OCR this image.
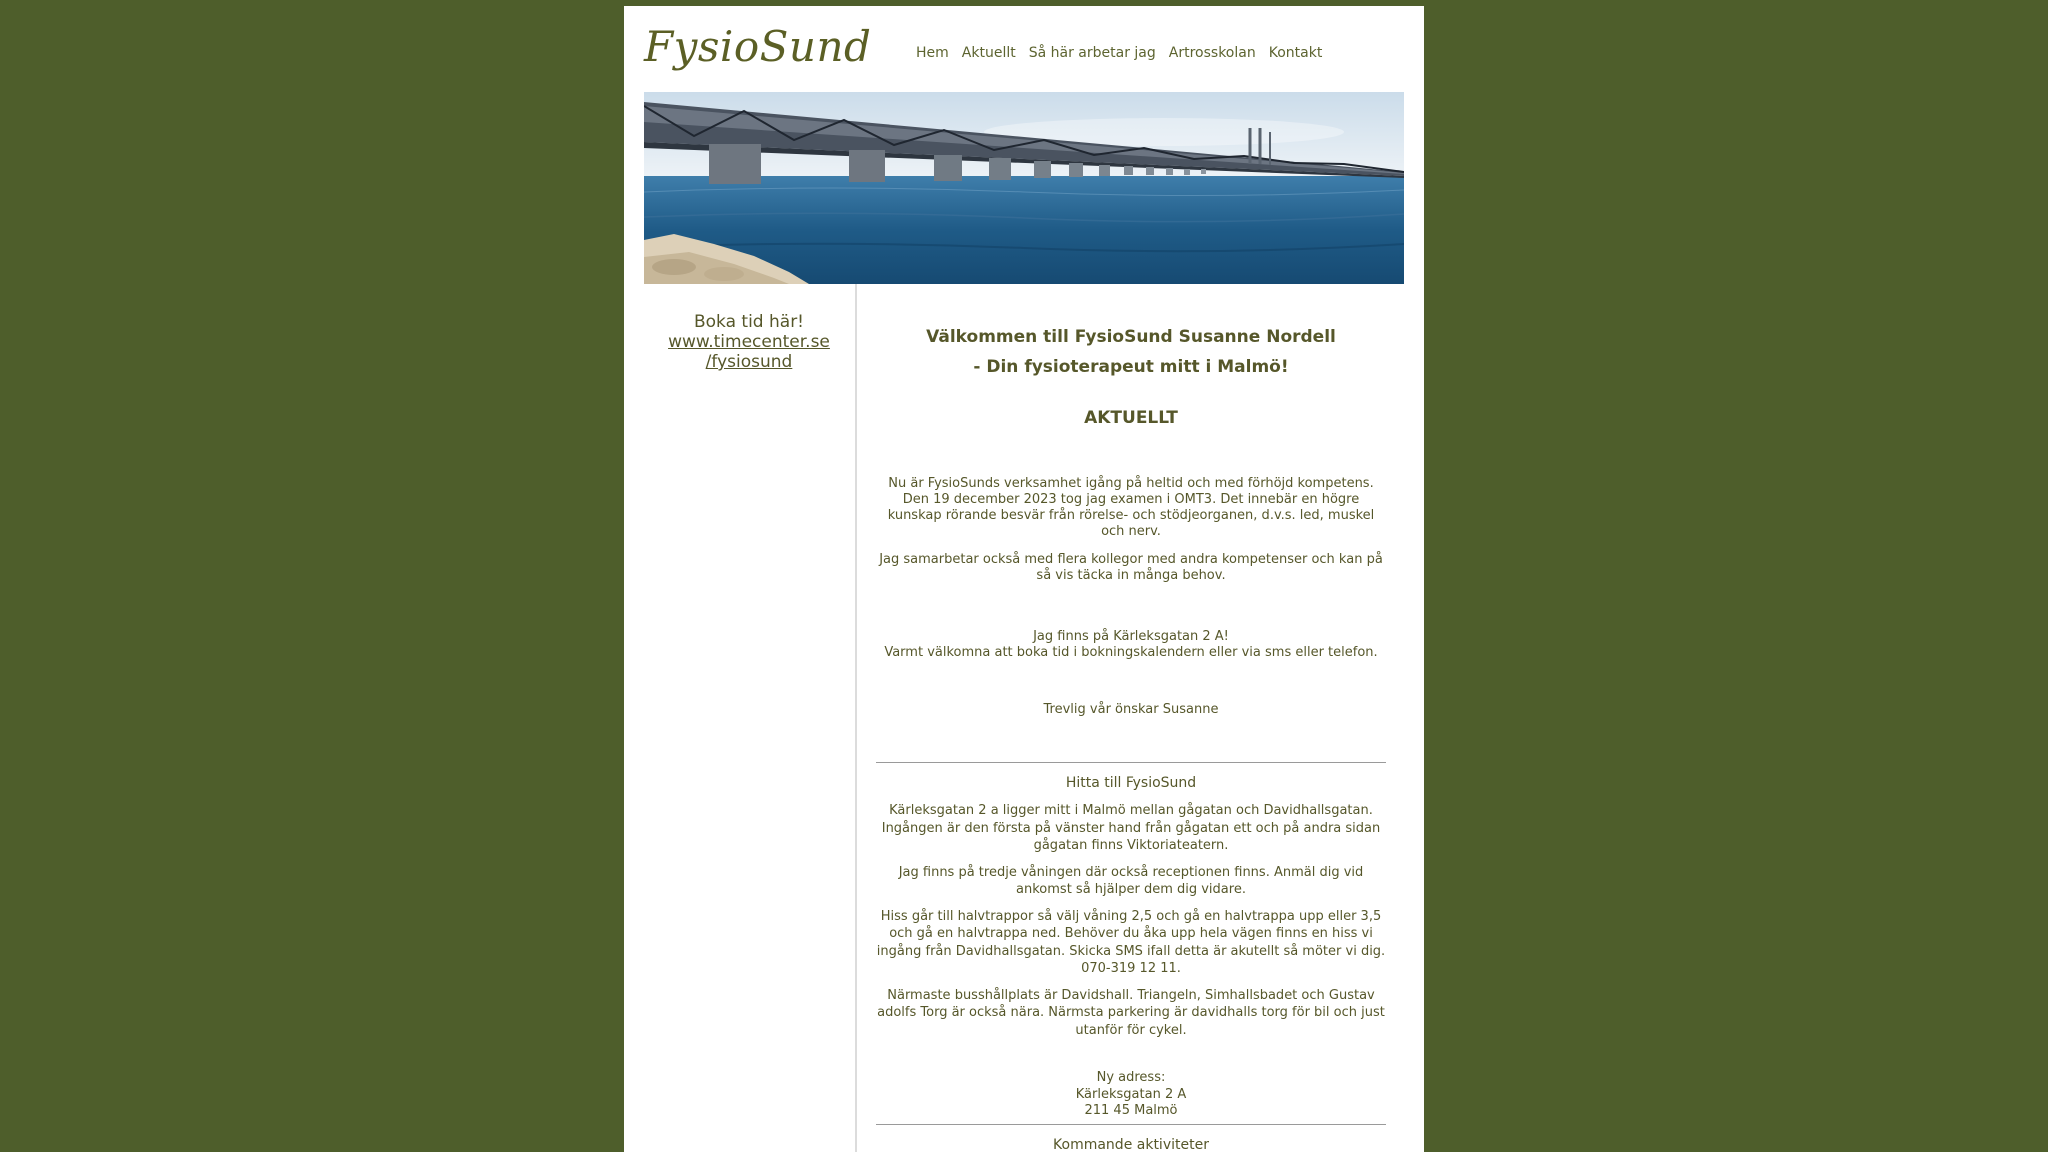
FysioSund	Hem Aktuellt Så här arbetar jag Artrosskolan Kontakt
Boka tid här!
www.timecenter.se
/fysiosund
Välkommen till FysioSund Susanne Nordell
- Din fysioterapeut mitt i Malmö!
AKTUELLT

Nu är FysioSunds verksamhet igång på heltid och med förhöjd kompetens. Den 19 december 2023 tog jag examen i OMT3. Det innebär en högre kunskap rörande besvär från rörelse- och stödjeorganen, d.v.s. led, muskel och nerv.

Jag samarbetar också med flera kollegor med andra kompetenser och kan på så vis täcka in många behov.

Jag finns på Kärleksgatan 2 A!
Varmt välkomna att boka tid i bokningskalendern eller via sms eller telefon.

Trevlig vår önskar Susanne

Hitta till FysioSund

Kärleksgatan 2 a ligger mitt i Malmö mellan gågatan och Davidhallsgatan. Ingången är den första på vänster hand från gågatan ett och på andra sidan gågatan finns Viktoriateatern.

Jag finns på tredje våningen där också receptionen finns. Anmäl dig vid ankomst så hjälper dem dig vidare.

Hiss går till halvtrappor så välj våning 2,5 och gå en halvtrappa upp eller 3,5 och gå en halvtrappa ned. Behöver du åka upp hela vägen finns en hiss vi ingång från Davidhallsgatan. Skicka SMS ifall detta är akutellt så möter vi dig. 070-319 12 11.

Närmaste busshållplats är Davidshall. Triangeln, Simhallsbadet och Gustav adolfs Torg är också nära. Närmsta parkering är davidhalls torg för bil och just utanför för cykel.

Ny adress:
Kärleksgatan 2 A
211 45 Malmö

Kommande aktiviteter
